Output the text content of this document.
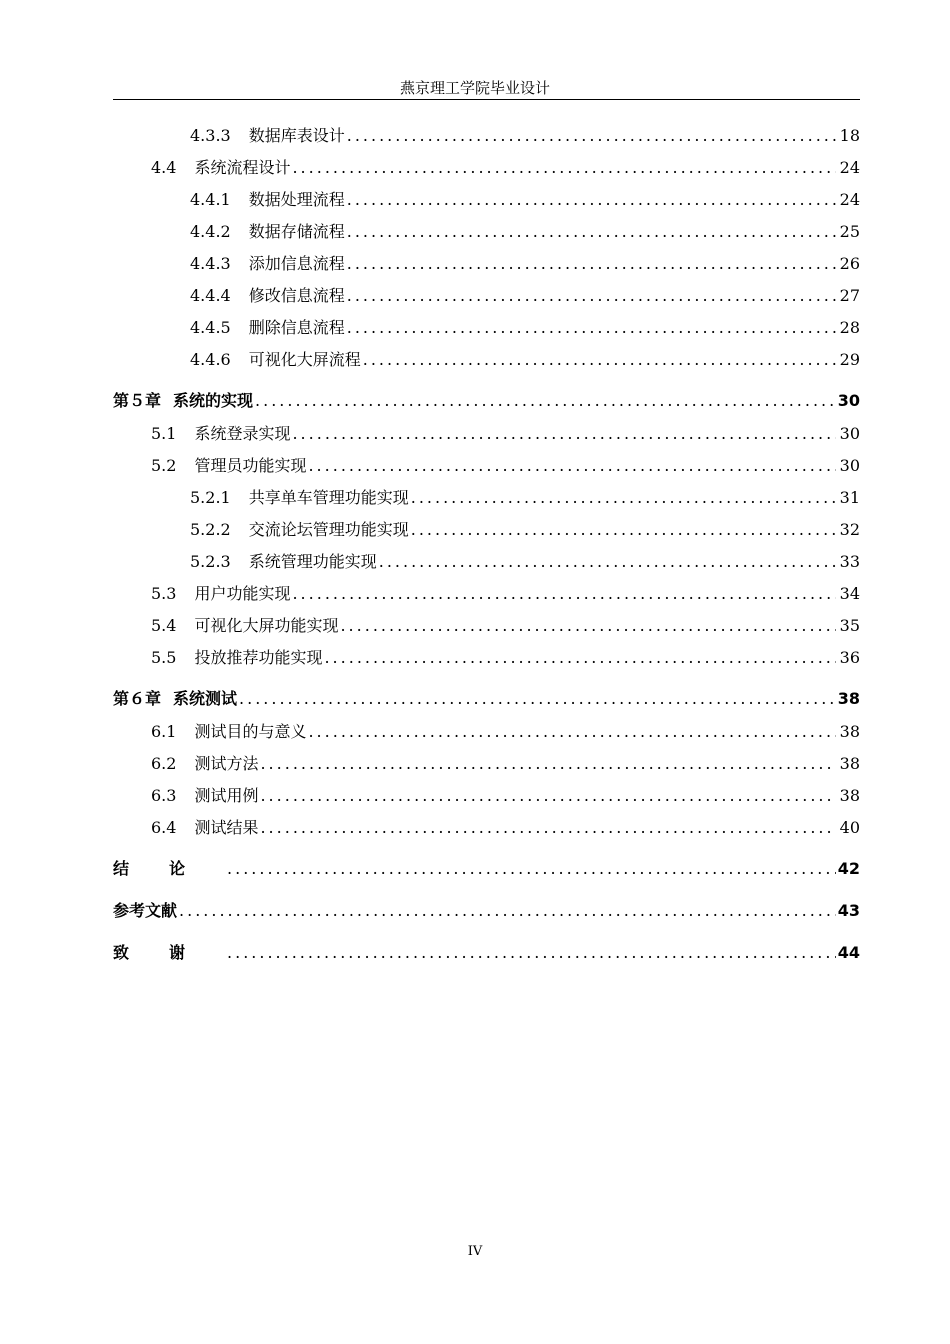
燕京理工学院毕业设计
4.3.3 数据库表设计 .....	18
4.4 系统流程设计 .....	24
4.4.1 数据处理流程 .....	24
4.4.2 数据存储流程 .....	25
4.4.3 添加信息流程 .....	26
4.4.4 修改信息流程 .....	27
4.4.5 删除信息流程 .....	28
4.4.6 可视化大屏流程 .....	29
第５章 系统的实现 .....	30
5.1 系统登录实现 .....	30
5.2 管理员功能实现 .....	30
5.2.1 共享单车管理功能实现 .....	31
5.2.2 交流论坛管理功能实现 .....	32
5.2.3 系统管理功能实现 .....	33
5.3 用户功能实现 .....	34
5.4 可视化大屏功能实现 .....	35
5.5 投放推荐功能实现 .....	36
第６章 系统测试 .....	38
6.1 测试目的与意义 .....	38
6.2 测试方法 .....	38
6.3 测试用例 .....	38
6.4 测试结果 .....	40
结论 .....	42
参考文献 .....	43
致谢 .....	44
IV
